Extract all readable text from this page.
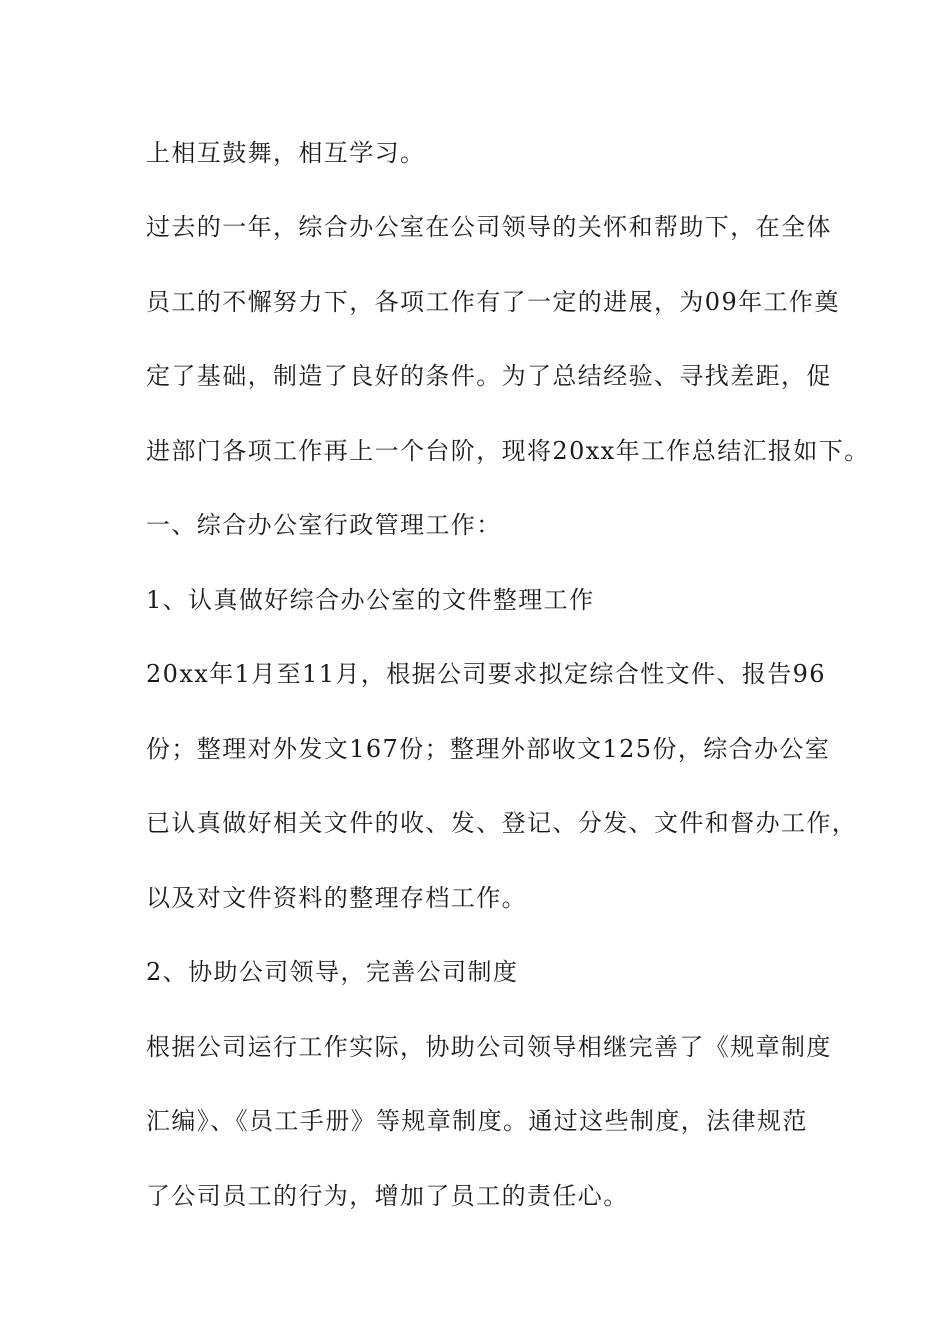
上相互鼓舞，相互学习。
过去的一年，综合办公室在公司领导的关怀和帮助下，在全体
员工的不懈努力下，各项工作有了一定的进展，为09年工作奠
定了基础，制造了良好的条件。为了总结经验、寻找差距，促
进部门各项工作再上一个台阶，现将20xx年工作总结汇报如下。
一、综合办公室行政管理工作：
1、认真做好综合办公室的文件整理工作
20xx年1月至11月，根据公司要求拟定综合性文件、报告96
份；整理对外发文167份；整理外部收文125份，综合办公室
已认真做好相关文件的收、发、登记、分发、文件和督办工作，
以及对文件资料的整理存档工作。
2、协助公司领导，完善公司制度
根据公司运行工作实际，协助公司领导相继完善了《规章制度
汇编》、《员工手册》等规章制度。通过这些制度，法律规范
了公司员工的行为，增加了员工的责任心。
